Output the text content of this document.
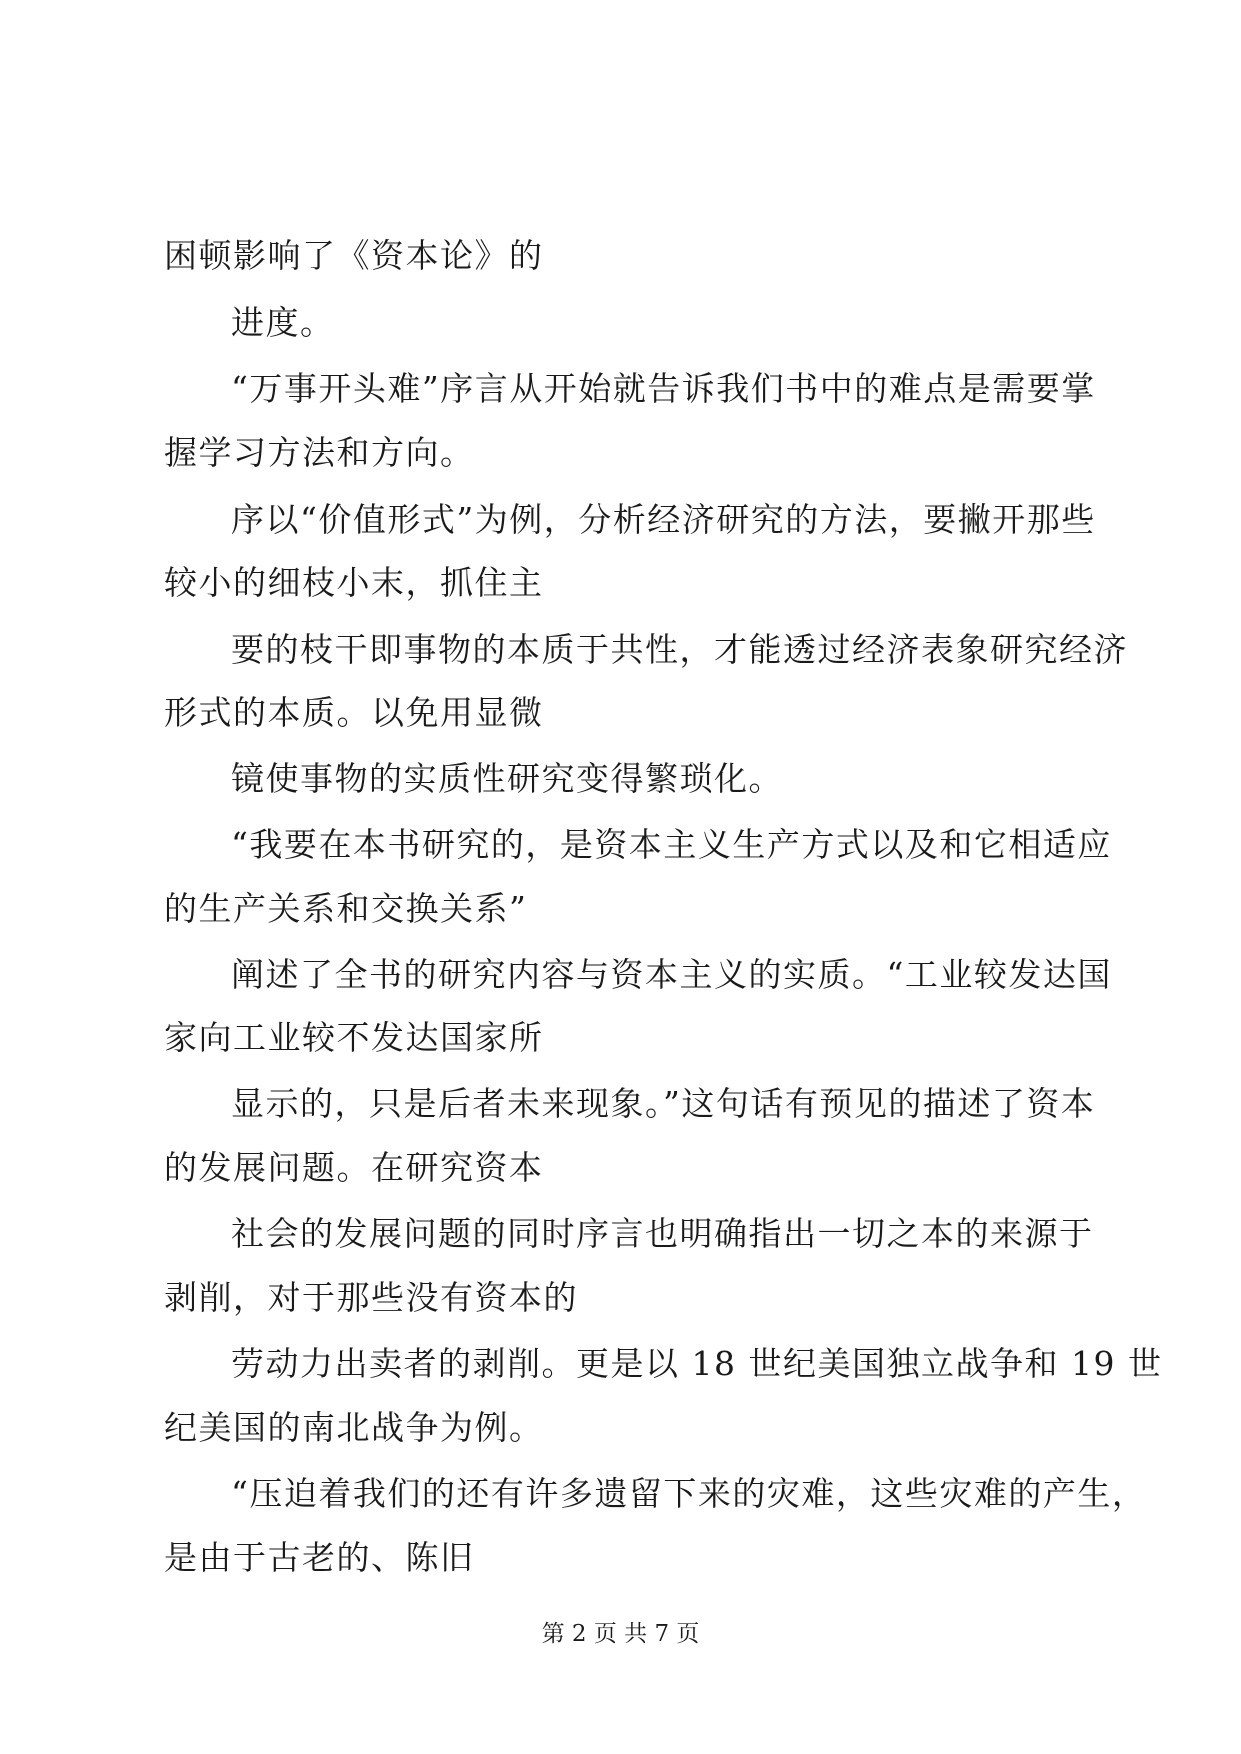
困顿影响了《资本论》的
进度。
“万事开头难”序言从开始就告诉我们书中的难点是需要掌
握学习方法和方向。
序以“价值形式”为例，分析经济研究的方法，要撇开那些
较小的细枝小末，抓住主
要的枝干即事物的本质于共性，才能透过经济表象研究经济
形式的本质。以免用显微
镜使事物的实质性研究变得繁琐化。
“我要在本书研究的，是资本主义生产方式以及和它相适应
的生产关系和交换关系”
阐述了全书的研究内容与资本主义的实质。“工业较发达国
家向工业较不发达国家所
显示的，只是后者未来现象。”这句话有预见的描述了资本
的发展问题。在研究资本
社会的发展问题的同时序言也明确指出一切之本的来源于
剥削，对于那些没有资本的
劳动力出卖者的剥削。更是以 18 世纪美国独立战争和 19 世
纪美国的南北战争为例。
“压迫着我们的还有许多遗留下来的灾难，这些灾难的产生，
是由于古老的、陈旧
第 2 页 共 7 页
